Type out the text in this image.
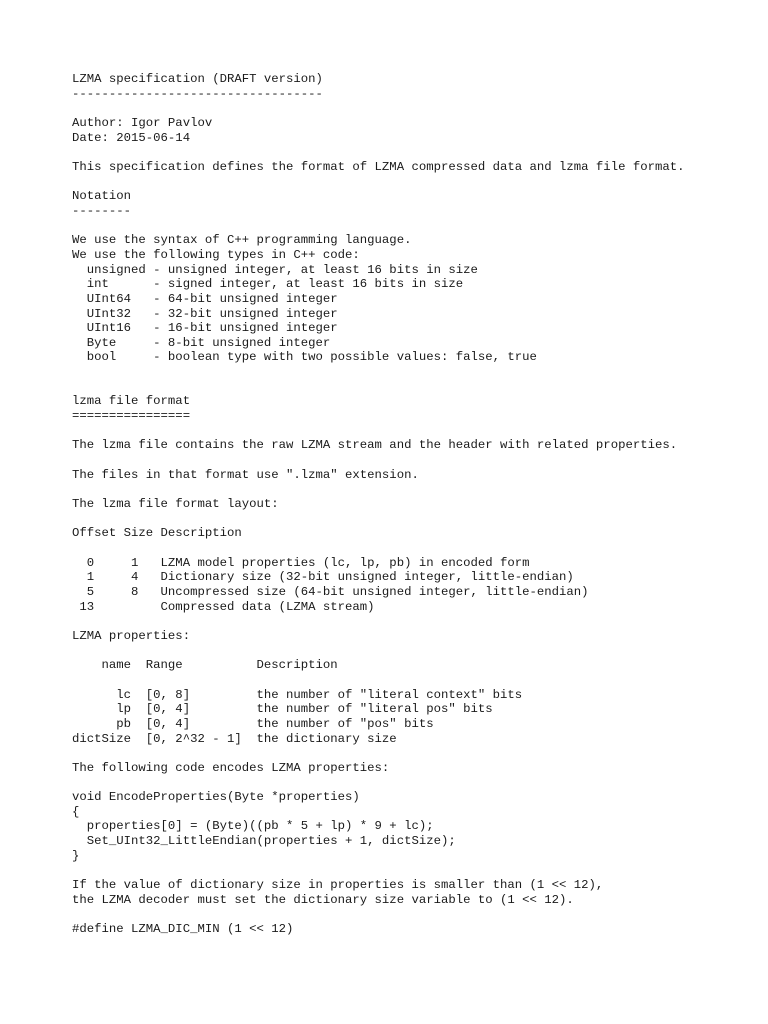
LZMA specification (DRAFT version)
----------------------------------

Author: Igor Pavlov
Date: 2015-06-14

This specification defines the format of LZMA compressed data and lzma file format.

Notation
--------

We use the syntax of C++ programming language.
We use the following types in C++ code:
unsigned - unsigned integer, at least 16 bits in size
int      - signed integer, at least 16 bits in size
UInt64   - 64-bit unsigned integer
UInt32   - 32-bit unsigned integer
UInt16   - 16-bit unsigned integer
Byte     - 8-bit unsigned integer
bool     - boolean type with two possible values: false, true

lzma file format
================

The lzma file contains the raw LZMA stream and the header with related properties.

The files in that format use ".lzma" extension.

The lzma file format layout:

Offset Size Description

0     1   LZMA model properties (lc, lp, pb) in encoded form
1     4   Dictionary size (32-bit unsigned integer, little-endian)
5     8   Uncompressed size (64-bit unsigned integer, little-endian)
13         Compressed data (LZMA stream)

LZMA properties:

name  Range          Description

lc  [0, 8]         the number of "literal context" bits
lp  [0, 4]         the number of "literal pos" bits
pb  [0, 4]         the number of "pos" bits
dictSize  [0, 2^32 - 1]  the dictionary size

The following code encodes LZMA properties:

void EncodeProperties(Byte *properties)
{
properties[0] = (Byte)((pb * 5 + lp) * 9 + lc);
Set_UInt32_LittleEndian(properties + 1, dictSize);
}

If the value of dictionary size in properties is smaller than (1 << 12),
the LZMA decoder must set the dictionary size variable to (1 << 12).

#define LZMA_DIC_MIN (1 << 12)
